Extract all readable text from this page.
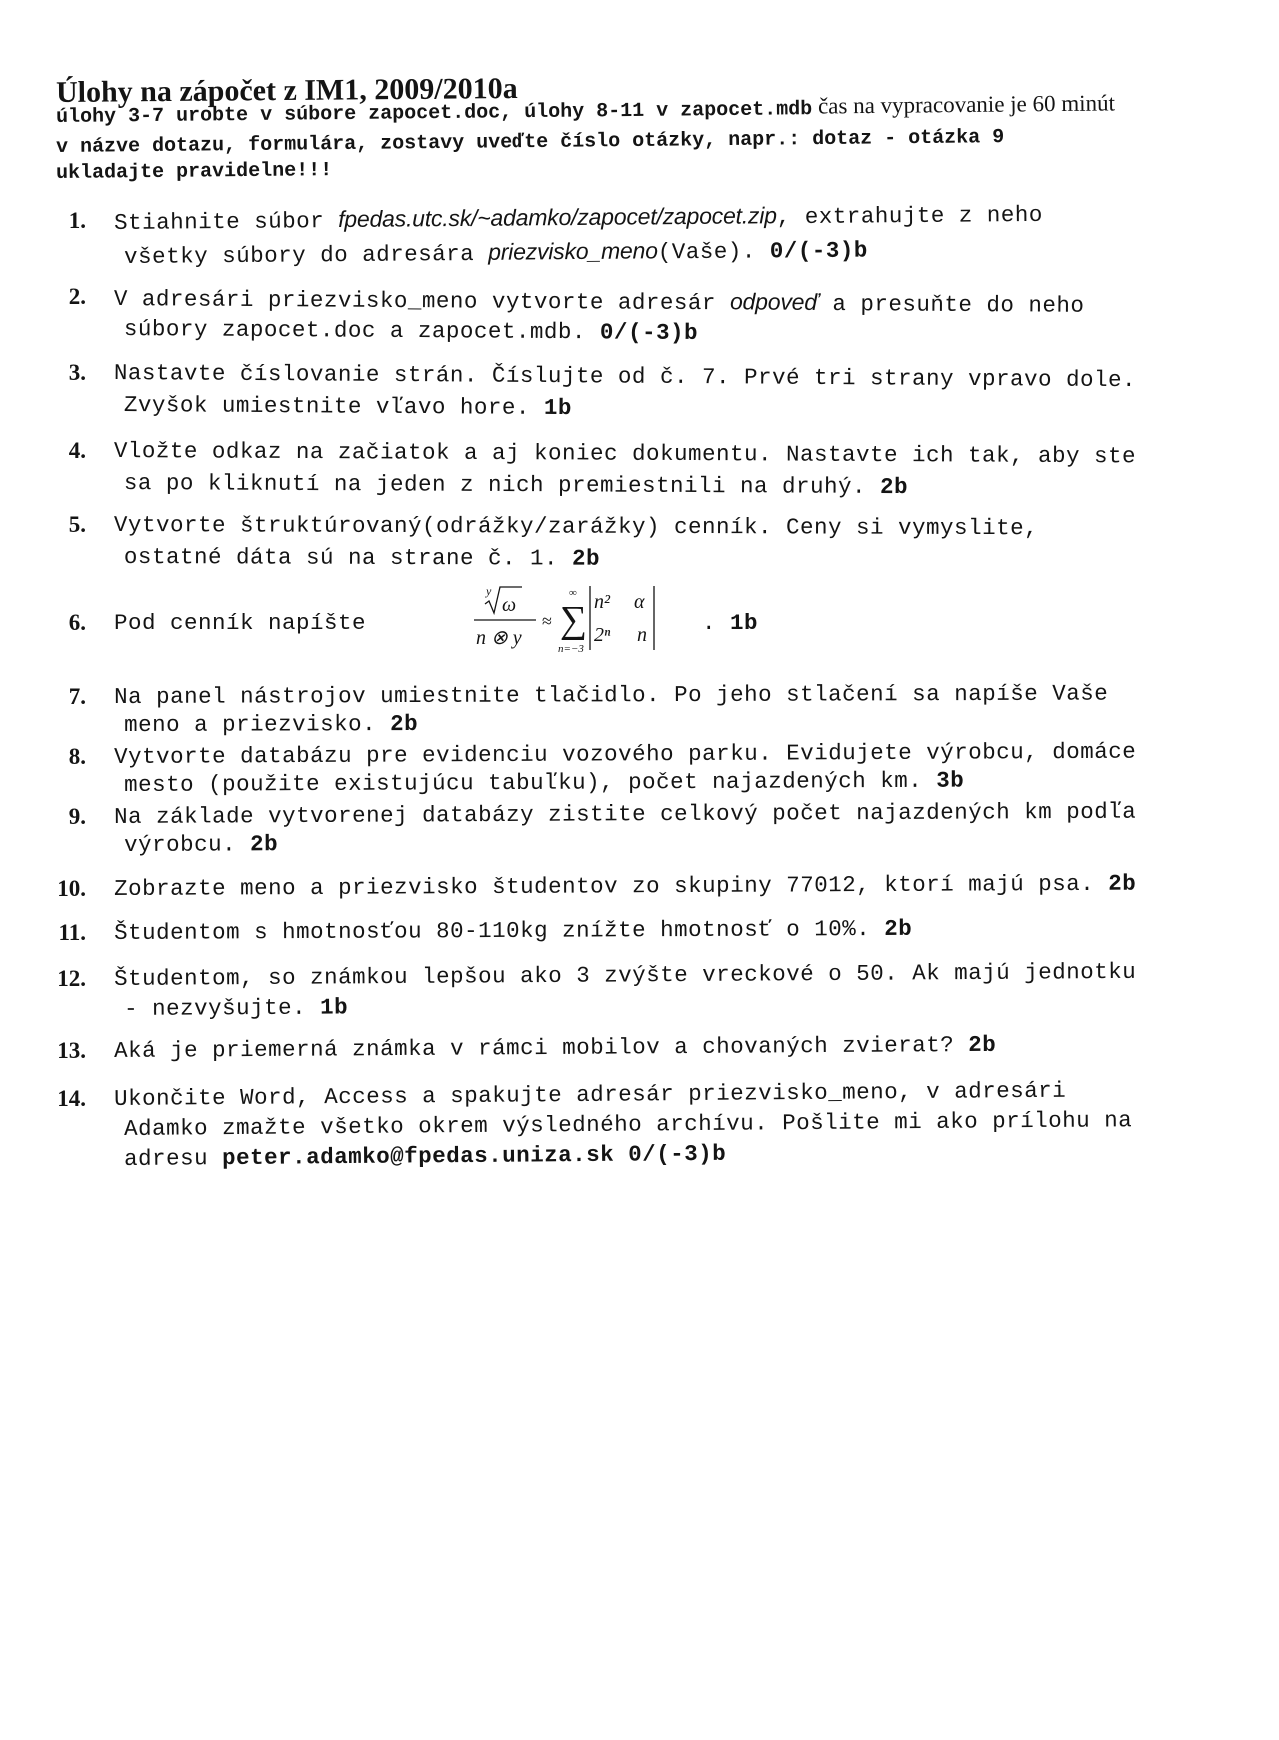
Úlohy na zápočet z IM1, 2009/2010a	čas na vypracovanie je 60 minút
úlohy 3-7 urobte v súbore zapocet.doc, úlohy 8-11 v zapocet.mdb
v názve dotazu, formulára, zostavy uveďte číslo otázky, napr.: dotaz - otázka 9
ukladajte pravidelne!!!
1. Stiahnite súbor fpedas.utc.sk/~adamko/zapocet/zapocet.zip, extrahujte z neho
všetky súbory do adresára priezvisko_meno(Vaše). 0/(-3)b
2. V adresári priezvisko_meno vytvorte adresár odpoveď a presuňte do neho
súbory zapocet.doc a zapocet.mdb. 0/(-3)b
3. Nastavte číslovanie strán. Číslujte od č. 7. Prvé tri strany vpravo dole.
Zvyšok umiestnite vľavo hore. 1b
4. Vložte odkaz na začiatok a aj koniec dokumentu. Nastavte ich tak, aby ste
sa po kliknutí na jeden z nich premiestnili na druhý. 2b
5. Vytvorte štruktúrovaný(odrážky/zarážky) cenník. Ceny si vymyslite,
ostatné dáta sú na strane č. 1. 2b
6. Pod cenník napíšte
y
ω
n ⊗ y
≈
∞
∑
n=−3
n² α
2ⁿ n . 1b
7. Na panel nástrojov umiestnite tlačidlo. Po jeho stlačení sa napíše Vaše
meno a priezvisko. 2b
8. Vytvorte databázu pre evidenciu vozového parku. Evidujete výrobcu, domáce
mesto (použite existujúcu tabuľku), počet najazdených km. 3b
9. Na základe vytvorenej databázy zistite celkový počet najazdených km podľa
výrobcu. 2b
10. Zobrazte meno a priezvisko študentov zo skupiny 77012, ktorí majú psa. 2b
11. Študentom s hmotnosťou 80-110kg znížte hmotnosť o 10%. 2b
12. Študentom, so známkou lepšou ako 3 zvýšte vreckové o 50. Ak majú jednotku
- nezvyšujte. 1b
13. Aká je priemerná známka v rámci mobilov a chovaných zvierat? 2b
14. Ukončite Word, Access a spakujte adresár priezvisko_meno, v adresári
Adamko zmažte všetko okrem výsledného archívu. Pošlite mi ako prílohu na
adresu peter.adamko@fpedas.uniza.sk 0/(-3)b
